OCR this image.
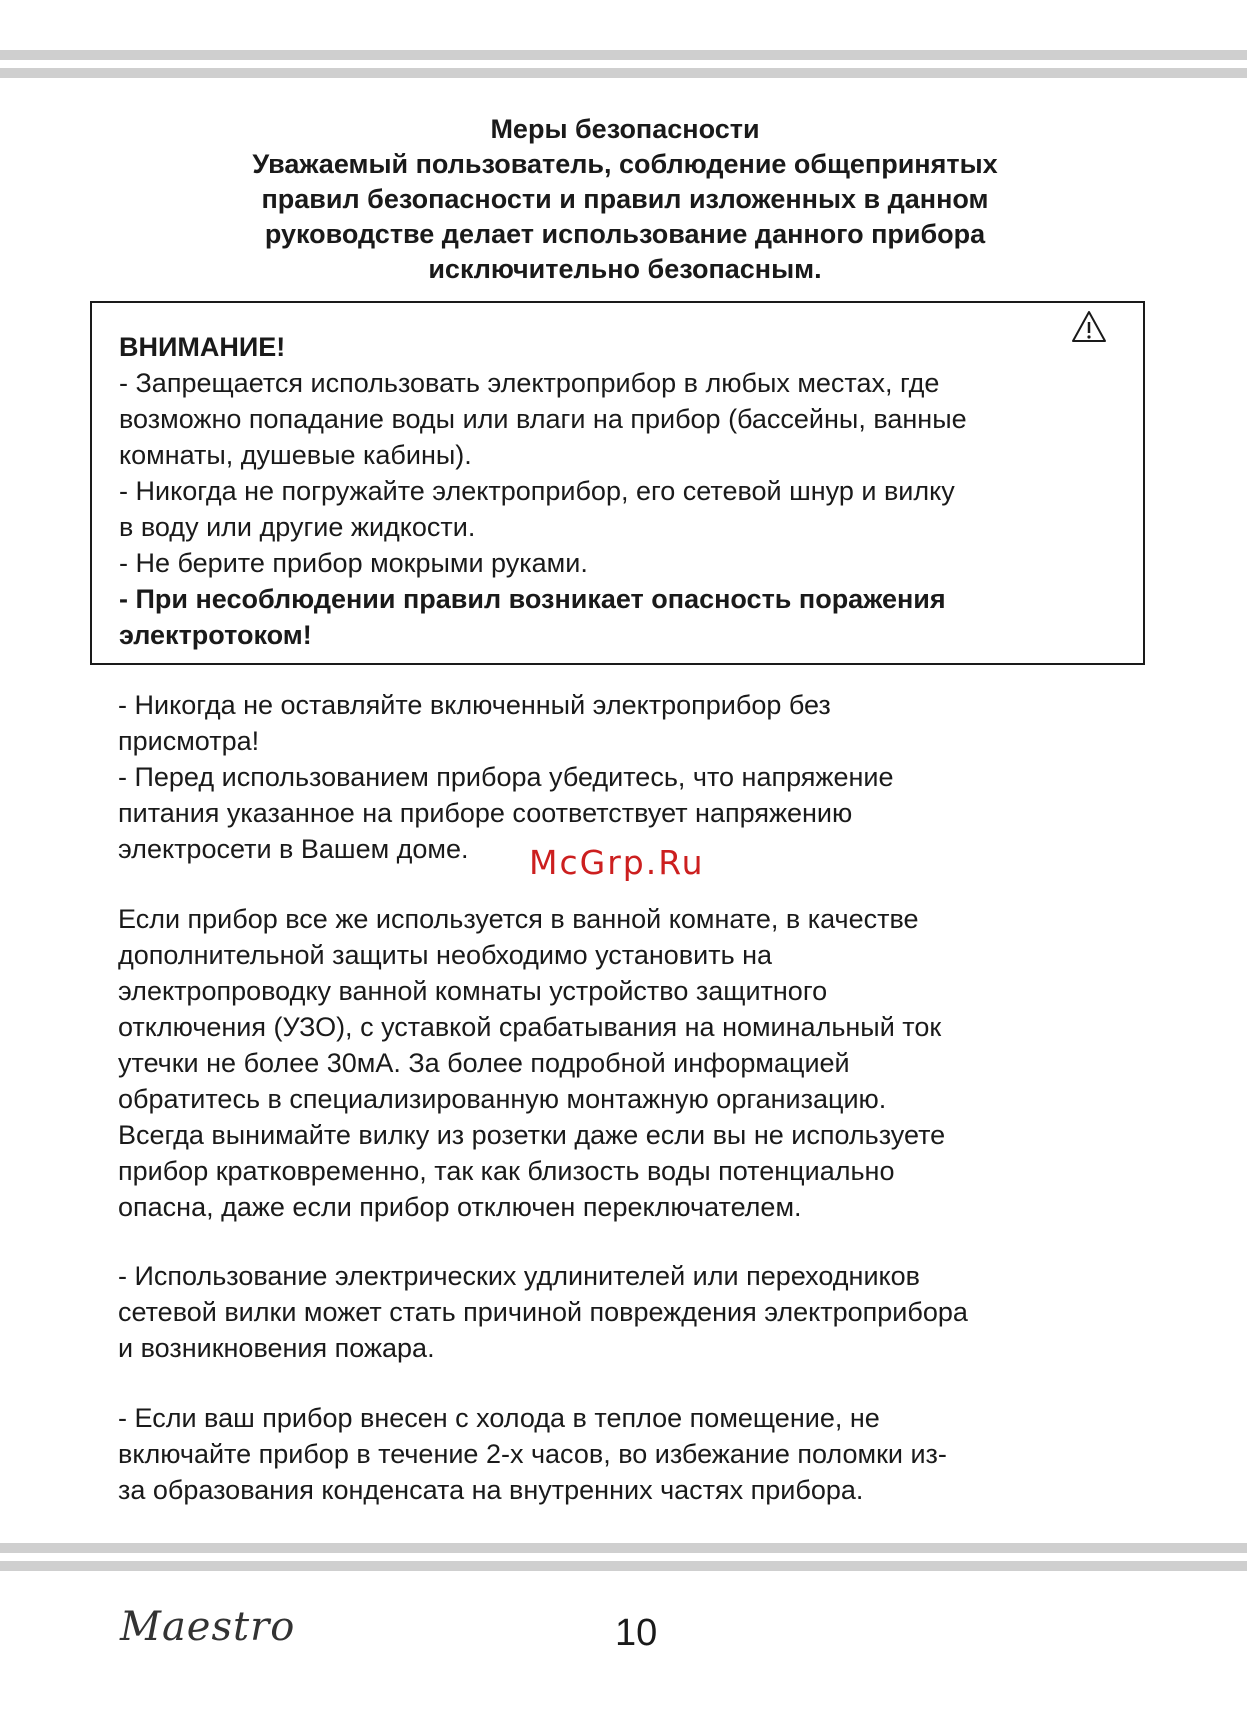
Меры безопасности
Уважаемый пользователь, соблюдение общепринятых
правил безопасности и правил изложенных в данном
руководстве делает использование данного прибора
исключительно безопасным.
ВНИМАНИЕ!
- Запрещается использовать электроприбор в любых местах, где
возможно попадание воды или влаги на прибор (бассейны, ванные
комнаты, душевые кабины).
- Никогда не погружайте электроприбор, его сетевой шнур и вилку
в воду или другие жидкости.
- Не берите прибор мокрыми руками.
- При несоблюдении правил возникает опасность поражения
электротоком!
- Никогда не оставляйте включенный электроприбор без
присмотра!
- Перед использованием прибора убедитесь, что напряжение
питания указанное на приборе соответствует напряжению
электросети в Вашем доме.	McGrp.Ru
Если прибор все же используется в ванной комнате, в качестве
дополнительной защиты необходимо установить на
электропроводку ванной комнаты устройство защитного
отключения (УЗО), с уставкой срабатывания на номинальный ток
утечки не более 30мА. За более подробной информацией
обратитесь в специализированную монтажную организацию.
Всегда вынимайте вилку из розетки даже если вы не используете
прибор кратковременно, так как близость воды потенциально
опасна, даже если прибор отключен переключателем.
- Использование электрических удлинителей или переходников
сетевой вилки может стать причиной повреждения электроприбора
и возникновения пожара.
- Если ваш прибор внесен с холода в теплое помещение, не
включайте прибор в течение 2-х часов, во избежание поломки из-
за образования конденсата на внутренних частях прибора.
Maestro	10
